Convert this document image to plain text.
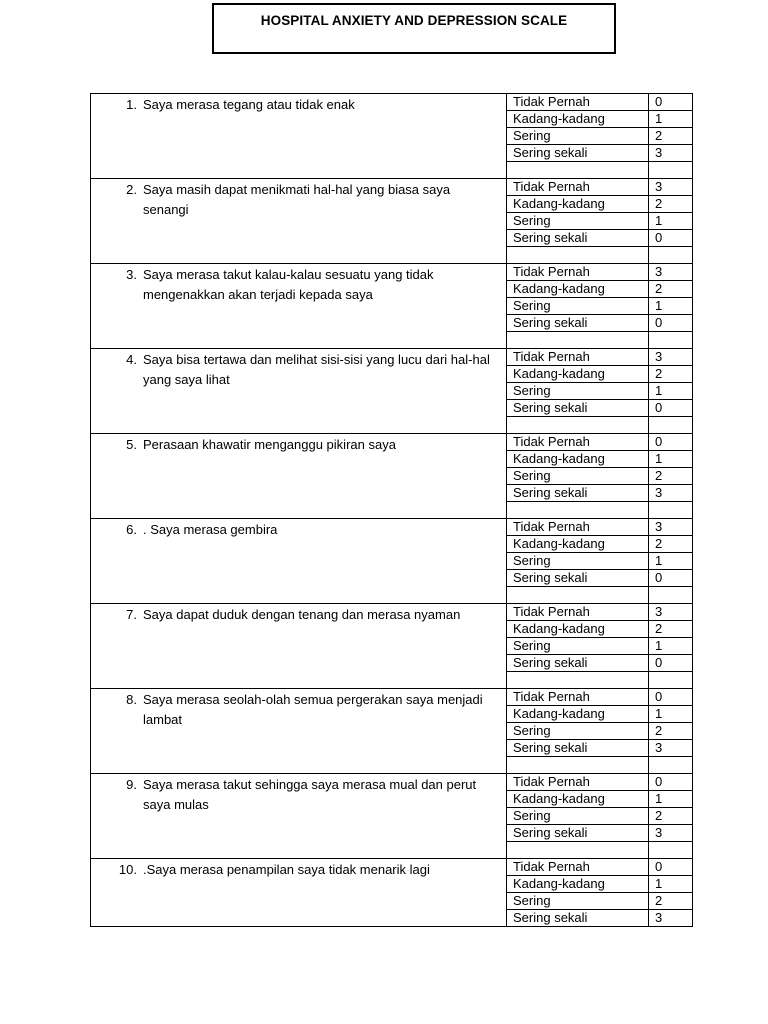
HOSPITAL ANXIETY AND DEPRESSION SCALE
1. Saya merasa tegang atau tidak enak	Tidak Pernah	0
	Kadang-kadang	1
	Sering	2
	Sering sekali	3

2. Saya masih dapat menikmati hal-hal yang biasa saya senangi	Tidak Pernah	3
	Kadang-kadang	2
	Sering	1
	Sering sekali	0

3. Saya merasa takut kalau-kalau sesuatu yang tidak mengenakkan akan terjadi kepada saya	Tidak Pernah	3
	Kadang-kadang	2
	Sering	1
	Sering sekali	0

4. Saya bisa tertawa dan melihat sisi-sisi yang lucu dari hal-hal yang saya lihat	Tidak Pernah	3
	Kadang-kadang	2
	Sering	1
	Sering sekali	0

5. Perasaan khawatir menganggu pikiran saya	Tidak Pernah	0
	Kadang-kadang	1
	Sering	2
	Sering sekali	3

6. . Saya merasa gembira	Tidak Pernah	3
	Kadang-kadang	2
	Sering	1
	Sering sekali	0

7. Saya dapat duduk dengan tenang dan merasa nyaman	Tidak Pernah	3
	Kadang-kadang	2
	Sering	1
	Sering sekali	0

8. Saya merasa seolah-olah semua pergerakan saya menjadi lambat	Tidak Pernah	0
	Kadang-kadang	1
	Sering	2
	Sering sekali	3

9. Saya merasa takut sehingga saya merasa mual dan perut saya mulas	Tidak Pernah	0
	Kadang-kadang	1
	Sering	2
	Sering sekali	3

10. .Saya merasa penampilan saya tidak menarik lagi	Tidak Pernah	0
	Kadang-kadang	1
	Sering	2
	Sering sekali	3
